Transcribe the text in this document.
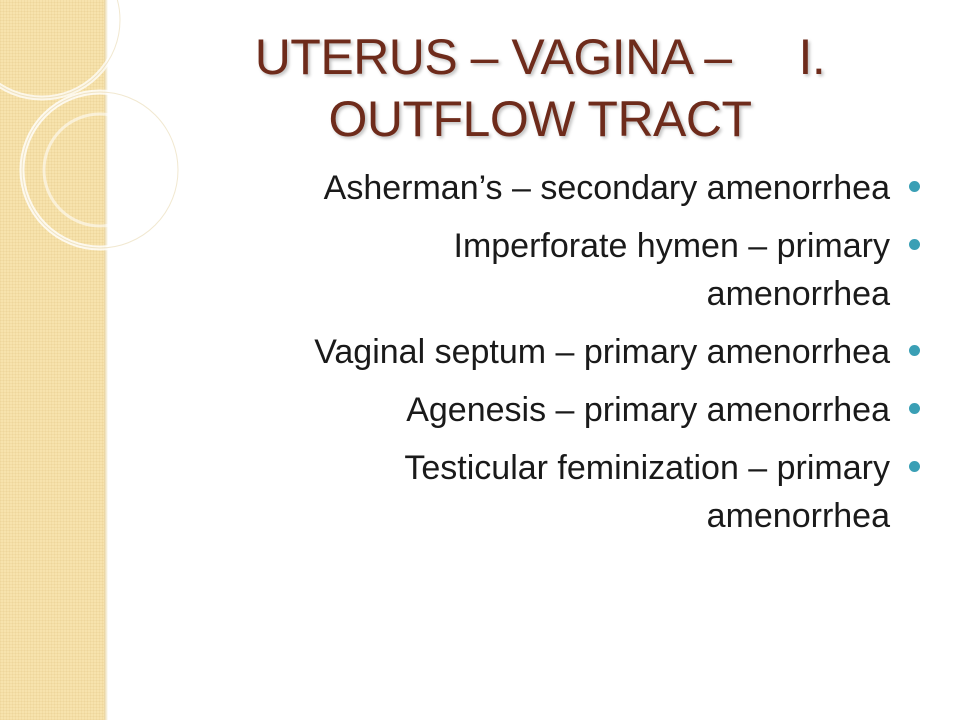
UTERUS – VAGINA –     I.
OUTFLOW TRACT
Asherman’s – secondary amenorrhea
Imperforate hymen – primary
amenorrhea
Vaginal septum – primary amenorrhea
Agenesis – primary amenorrhea
Testicular feminization – primary
amenorrhea
